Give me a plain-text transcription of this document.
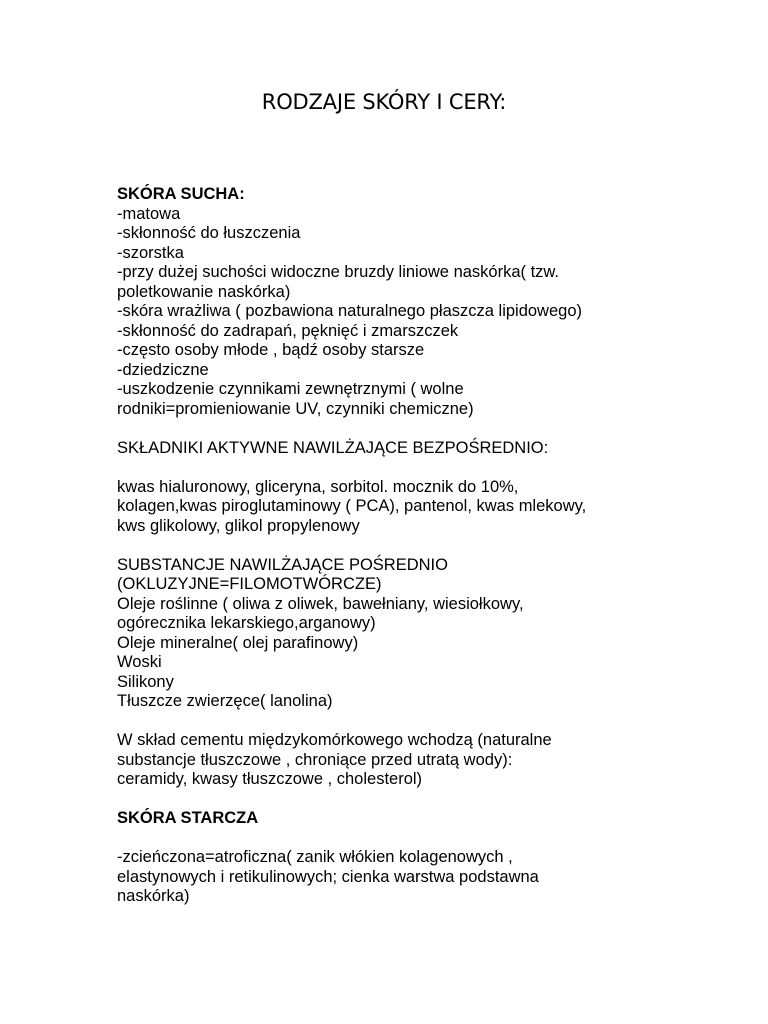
RODZAJE SKÓRY I CERY:
SKÓRA SUCHA:
-matowa
-skłonność do łuszczenia
-szorstka
-przy dużej suchości widoczne bruzdy liniowe naskórka( tzw.
poletkowanie naskórka)
-skóra wrażliwa ( pozbawiona naturalnego płaszcza lipidowego)
-skłonność do zadrapań, pęknięć i zmarszczek
-często osoby młode , bądź osoby starsze
-dziedziczne
-uszkodzenie czynnikami zewnętrznymi ( wolne
rodniki=promieniowanie UV, czynniki chemiczne)
SKŁADNIKI AKTYWNE NAWILŻAJĄCE BEZPOŚREDNIO:
kwas hialuronowy, gliceryna, sorbitol. mocznik do 10%,
kolagen,kwas piroglutaminowy ( PCA), pantenol, kwas mlekowy,
kws glikolowy, glikol propylenowy
SUBSTANCJE NAWILŻAJĄCE POŚREDNIO
(OKLUZYJNE=FILOMOTWÓRCZE)
Oleje roślinne ( oliwa z oliwek, bawełniany, wiesiołkowy,
ogórecznika lekarskiego,arganowy)
Oleje mineralne( olej parafinowy)
Woski
Silikony
Tłuszcze zwierzęce( lanolina)
W skład cementu międzykomórkowego wchodzą (naturalne
substancje tłuszczowe , chroniące przed utratą wody):
ceramidy, kwasy tłuszczowe , cholesterol)
SKÓRA STARCZA
-zcieńczona=atroficzna( zanik włókien kolagenowych ,
elastynowych i retikulinowych; cienka warstwa podstawna
naskórka)
